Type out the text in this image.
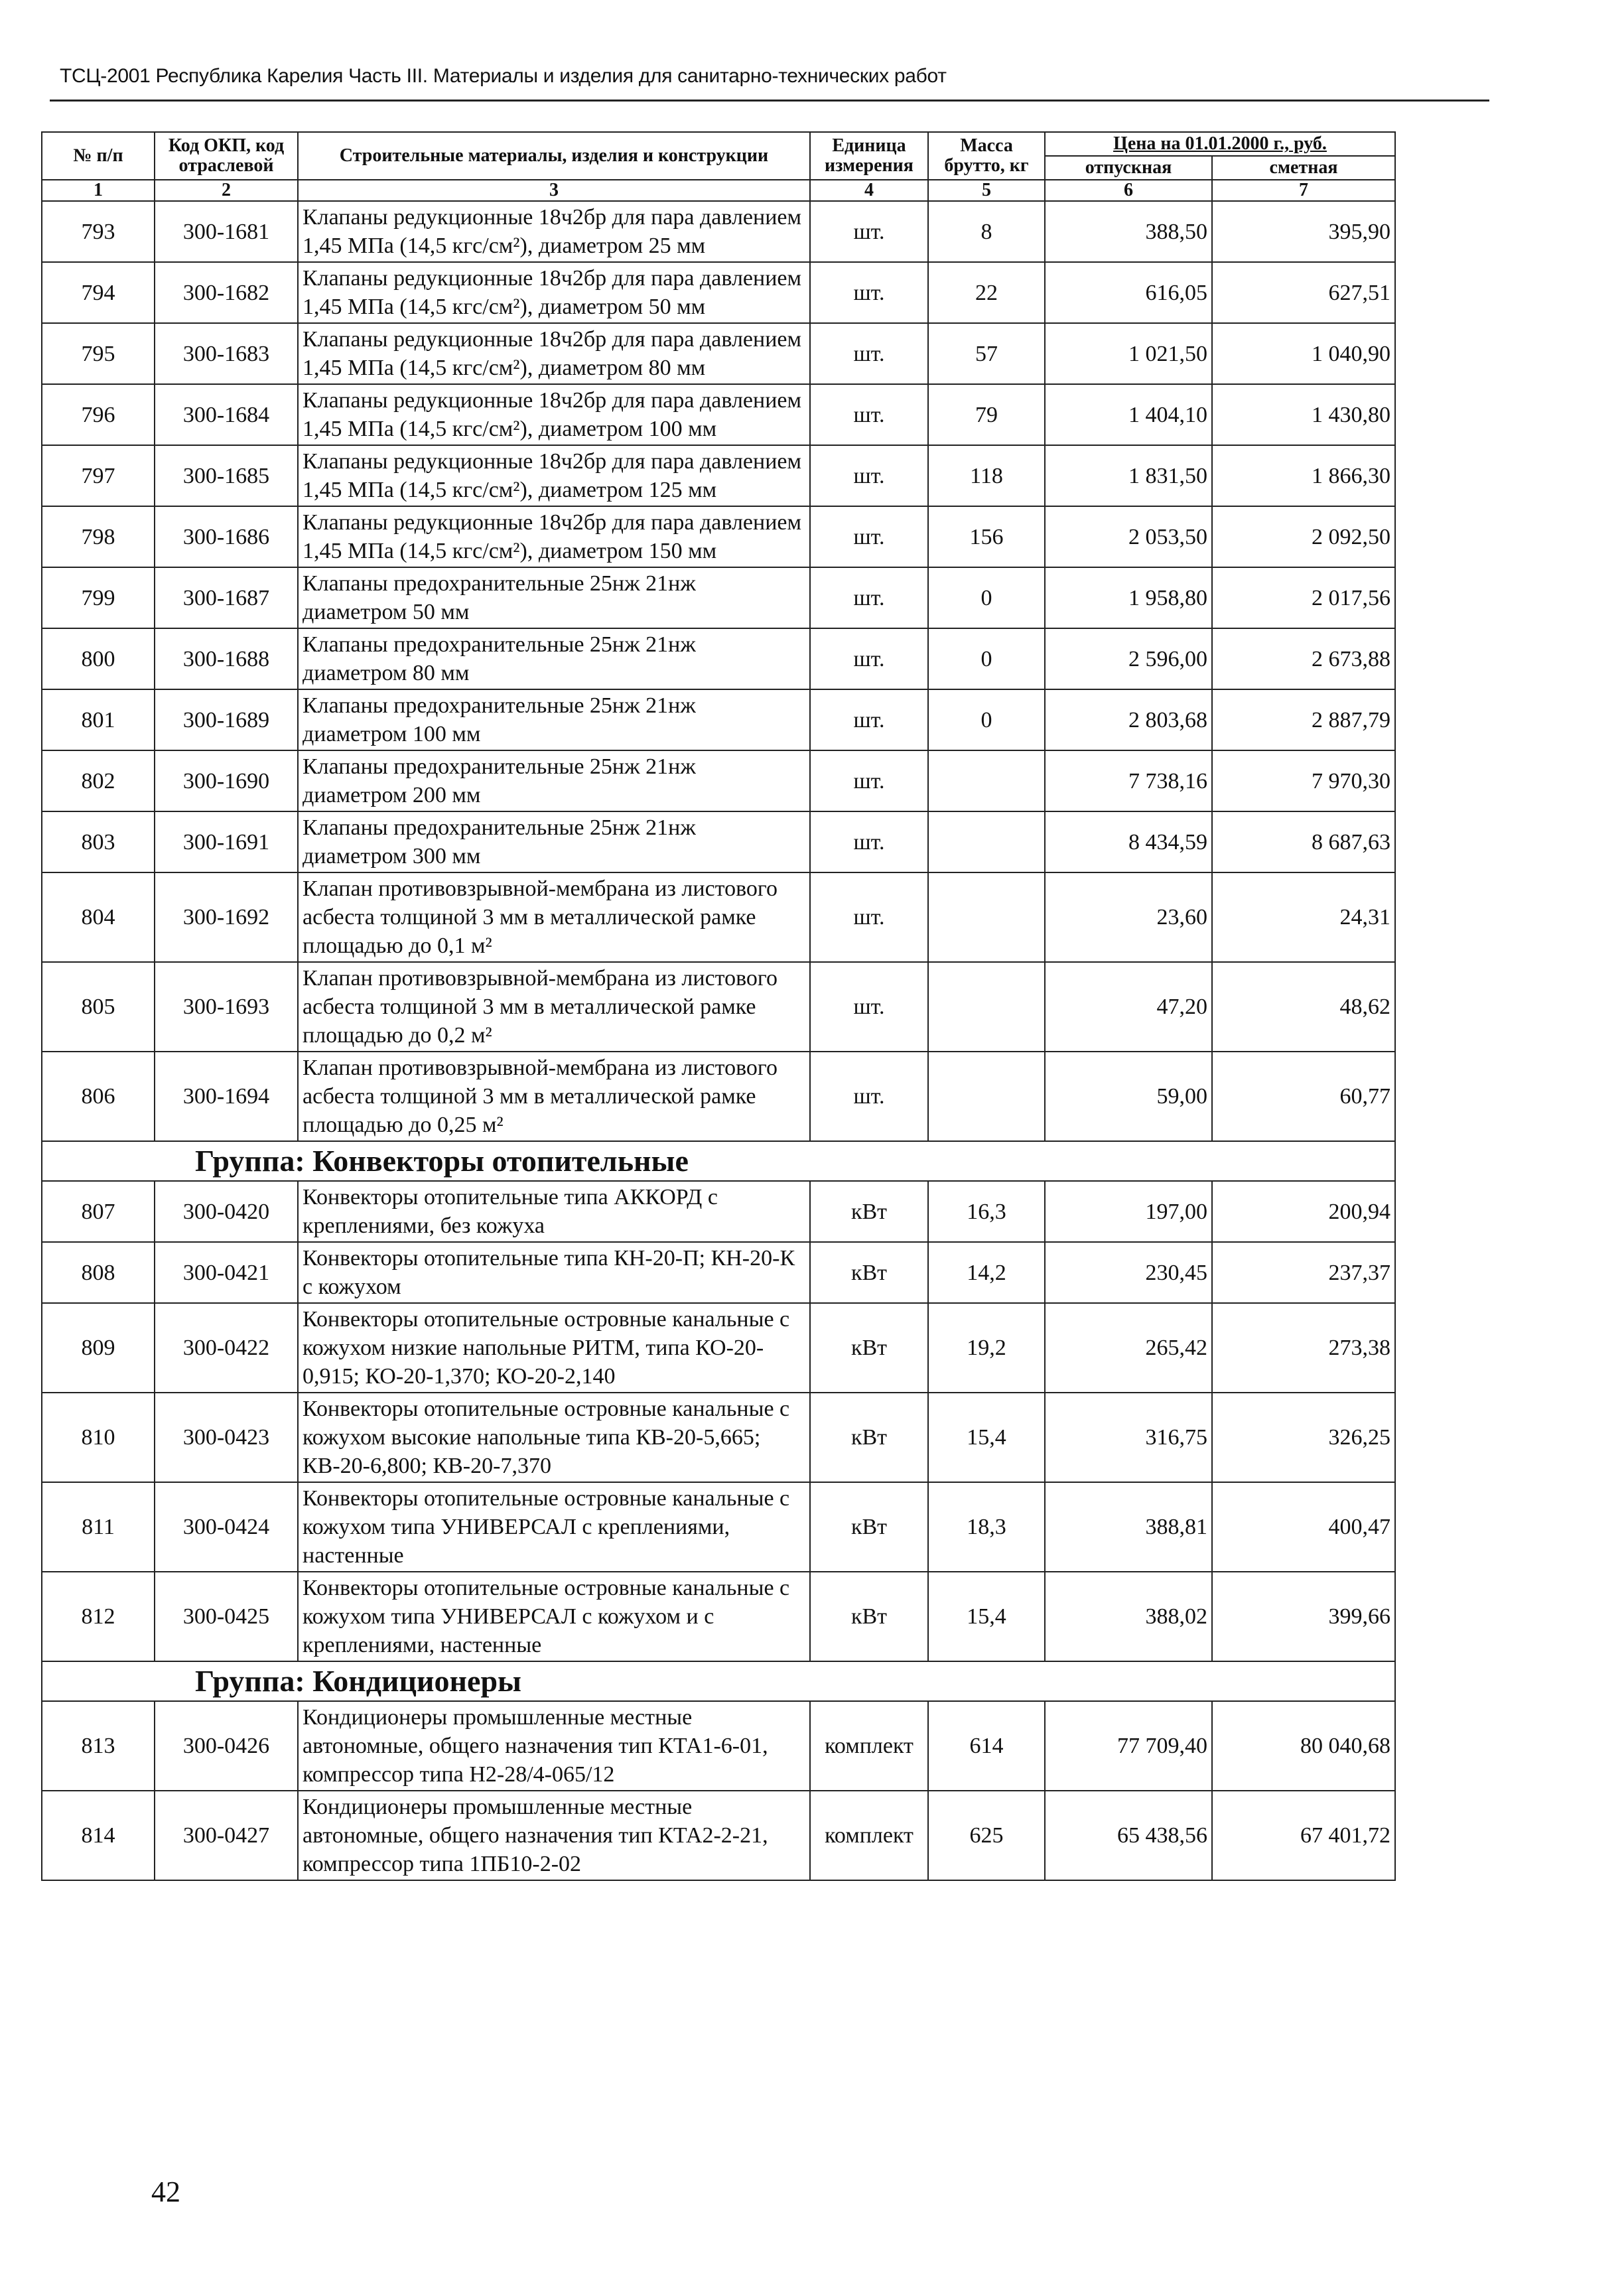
ТСЦ-2001 Республика Карелия Часть III. Материалы и изделия для санитарно-технических работ
№ п/п	Код ОКП, код отраслевой	Строительные материалы, изделия и конструкции	Единица измерения	Масса брутто, кг	Цена на 01.01.2000 г., руб.	
					отпускная	сметная
1	2	3	4	5	6	7
793	300-1681	Клапаны редукционные 18ч2бр для пара давлением 1,45 МПа (14,5 кгс/см²), диаметром 25 мм	шт.	8	388,50	395,90
794	300-1682	Клапаны редукционные 18ч2бр для пара давлением 1,45 МПа (14,5 кгс/см²), диаметром 50 мм	шт.	22	616,05	627,51
795	300-1683	Клапаны редукционные 18ч2бр для пара давлением 1,45 МПа (14,5 кгс/см²), диаметром 80 мм	шт.	57	1 021,50	1 040,90
796	300-1684	Клапаны редукционные 18ч2бр для пара давлением 1,45 МПа (14,5 кгс/см²), диаметром 100 мм	шт.	79	1 404,10	1 430,80
797	300-1685	Клапаны редукционные 18ч2бр для пара давлением 1,45 МПа (14,5 кгс/см²), диаметром 125 мм	шт.	118	1 831,50	1 866,30
798	300-1686	Клапаны редукционные 18ч2бр для пара давлением 1,45 МПа (14,5 кгс/см²), диаметром 150 мм	шт.	156	2 053,50	2 092,50
799	300-1687	Клапаны предохранительные 25нж 21нж диаметром 50 мм	шт.	0	1 958,80	2 017,56
800	300-1688	Клапаны предохранительные 25нж 21нж диаметром 80 мм	шт.	0	2 596,00	2 673,88
801	300-1689	Клапаны предохранительные 25нж 21нж диаметром 100 мм	шт.	0	2 803,68	2 887,79
802	300-1690	Клапаны предохранительные 25нж 21нж диаметром 200 мм	шт.		7 738,16	7 970,30
803	300-1691	Клапаны предохранительные 25нж 21нж диаметром 300 мм	шт.		8 434,59	8 687,63
804	300-1692	Клапан противовзрывной-мембрана из листового асбеста толщиной 3 мм в металлической рамке площадью до 0,1 м²	шт.		23,60	24,31
805	300-1693	Клапан противовзрывной-мембрана из листового асбеста толщиной 3 мм в металлической рамке площадью до 0,2 м²	шт.		47,20	48,62
806	300-1694	Клапан противовзрывной-мембрана из листового асбеста толщиной 3 мм в металлической рамке площадью до 0,25 м²	шт.		59,00	60,77
Группа: Конвекторы отопительные						
807	300-0420	Конвекторы отопительные типа АККОРД с креплениями, без кожуха	кВт	16,3	197,00	200,94
808	300-0421	Конвекторы отопительные типа КН-20-П; КН-20-К с кожухом	кВт	14,2	230,45	237,37
809	300-0422	Конвекторы отопительные островные канальные с кожухом низкие напольные РИТМ, типа КО-20-0,915; КО-20-1,370; КО-20-2,140	кВт	19,2	265,42	273,38
810	300-0423	Конвекторы отопительные островные канальные с кожухом высокие напольные типа КВ-20-5,665; КВ-20-6,800; КВ-20-7,370	кВт	15,4	316,75	326,25
811	300-0424	Конвекторы отопительные островные канальные с кожухом типа УНИВЕРСАЛ с креплениями, настенные	кВт	18,3	388,81	400,47
812	300-0425	Конвекторы отопительные островные канальные с кожухом типа УНИВЕРСАЛ с кожухом и с креплениями, настенные	кВт	15,4	388,02	399,66
Группа: Кондиционеры						
813	300-0426	Кондиционеры промышленные местные автономные, общего назначения тип КТА1-6-01, компрессор типа Н2-28/4-065/12	комплект	614	77 709,40	80 040,68
814	300-0427	Кондиционеры промышленные местные автономные, общего назначения тип КТА2-2-21, компрессор типа 1ПБ10-2-02	комплект	625	65 438,56	67 401,72
42
